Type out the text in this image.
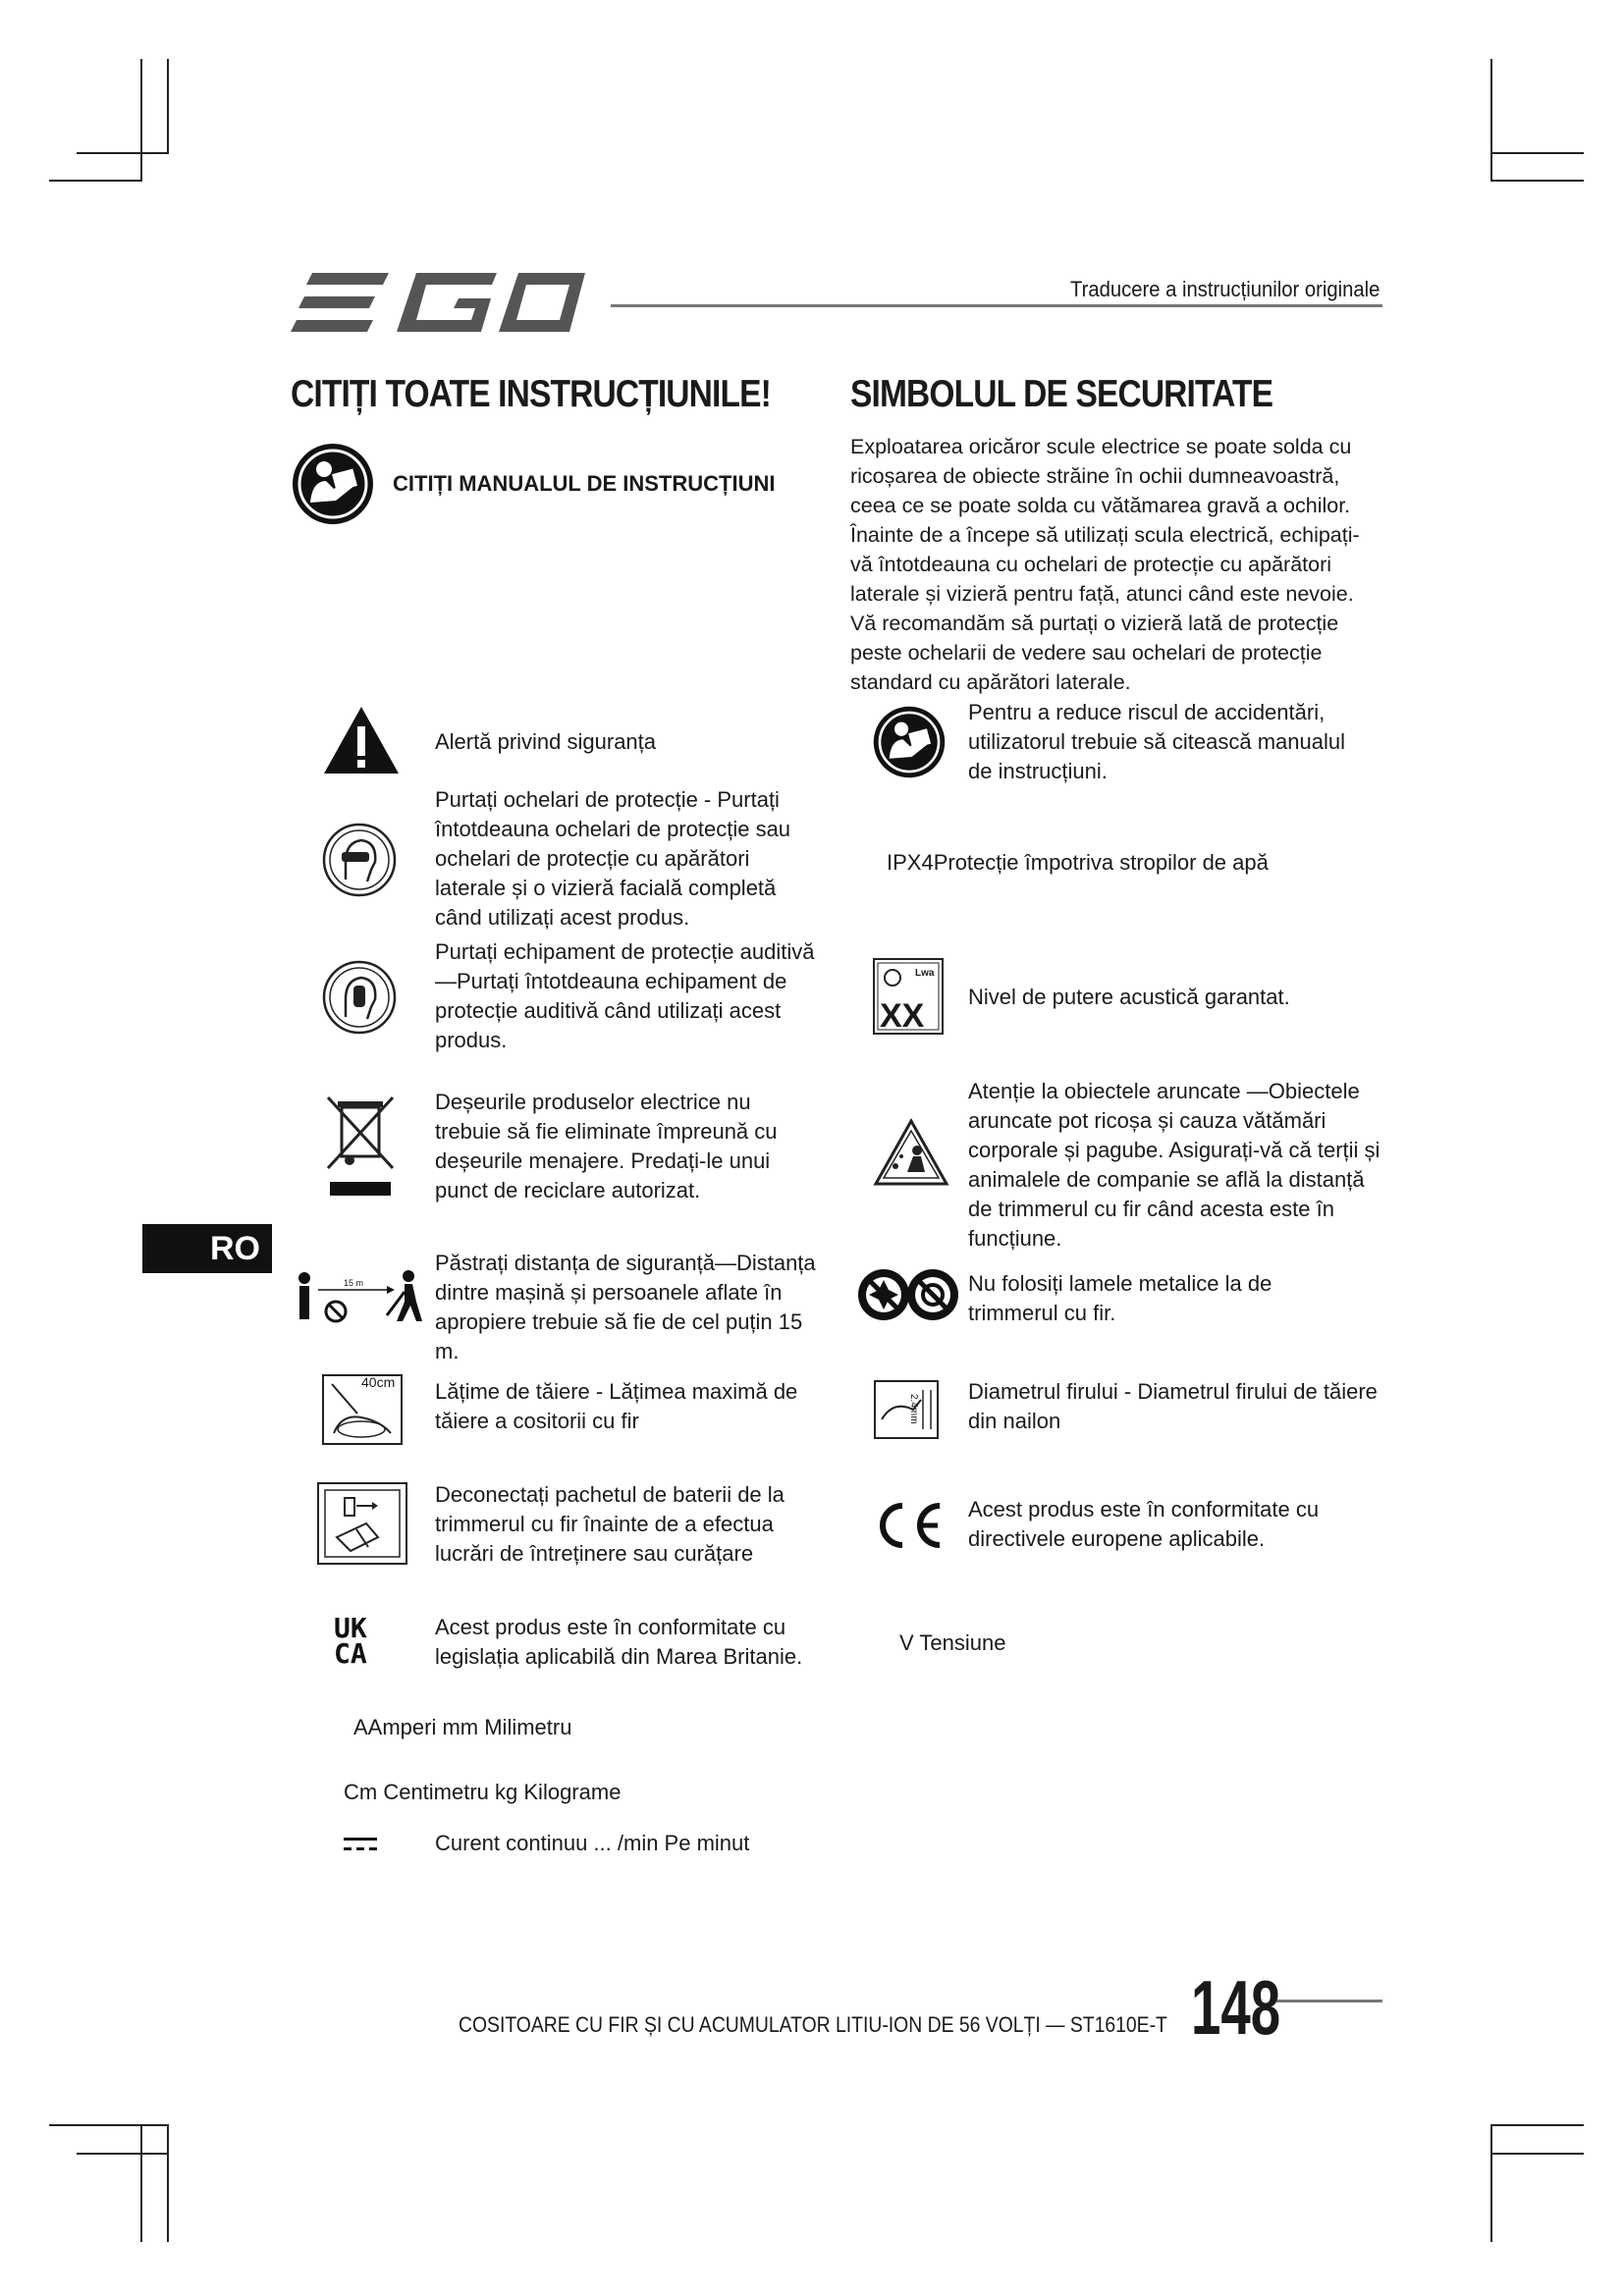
EGO
Traducere a instrucțiunilor originale
CITIȚI TOATE INSTRUCȚIUNILE!
CITIȚI MANUALUL DE INSTRUCȚIUNI
SIMBOLUL DE SECURITATE
Exploatarea oricăror scule electrice se poate solda cu ricoșarea de obiecte străine în ochii dumneavoastră, ceea ce se poate solda cu vătămarea gravă a ochilor. Înainte de a începe să utilizați scula electrică, echipați-vă întotdeauna cu ochelari de protecție cu apărători laterale și vizieră pentru față, atunci când este nevoie. Vă recomandăm să purtați o vizieră lată de protecție peste ochelarii de vedere sau ochelari de protecție standard cu apărători laterale.
Alertă privind siguranța
Purtați ochelari de protecție - Purtați întotdeauna ochelari de protecție sau ochelari de protecție cu apărători laterale și o vizieră facială completă când utilizați acest produs.
Purtați echipament de protecție auditivă—Purtați întotdeauna echipament de protecție auditivă când utilizați acest produs.
Deșeurile produselor electrice nu trebuie să fie eliminate împreună cu deșeurile menajere. Predați-le unui punct de reciclare autorizat.
15 m
Păstrați distanța de siguranță—Distanța dintre mașină și persoanele aflate în apropiere trebuie să fie de cel puțin 15 m.
40cm Lățime de tăiere - Lățimea maximă de tăiere a cositorii cu fir
Deconectați pachetul de baterii de la trimmerul cu fir înainte de a efectua lucrări de întreținere sau curățare
UK
CA
Acest produs este în conformitate cu legislația aplicabilă din Marea Britanie.
AAmperi mm Milimetru
Cm Centimetru kg Kilograme
Curent continuu ... /min Pe minut
Pentru a reduce riscul de accidentări, utilizatorul trebuie să citească manualul de instrucțiuni.
IPX4Protecție împotriva stropilor de apă
Lwa
XX
Nivel de putere acustică garantat.
Atenție la obiectele aruncate —Obiectele aruncate pot ricoșa și cauza vătămări corporale și pagube. Asigurați-vă că terții și animalele de companie se află la distanță de trimmerul cu fir când acesta este în funcțiune.
Nu folosiți lamele metalice la de trimmerul cu fir.
2.4mm
Diametrul firului - Diametrul firului de tăiere din nailon
Acest produs este în conformitate cu directivele europene aplicabile.
V Tensiune
RO
COSITOARE CU FIR ȘI CU ACUMULATOR LITIU-ION DE 56 VOLȚI — ST1610E-T 148
